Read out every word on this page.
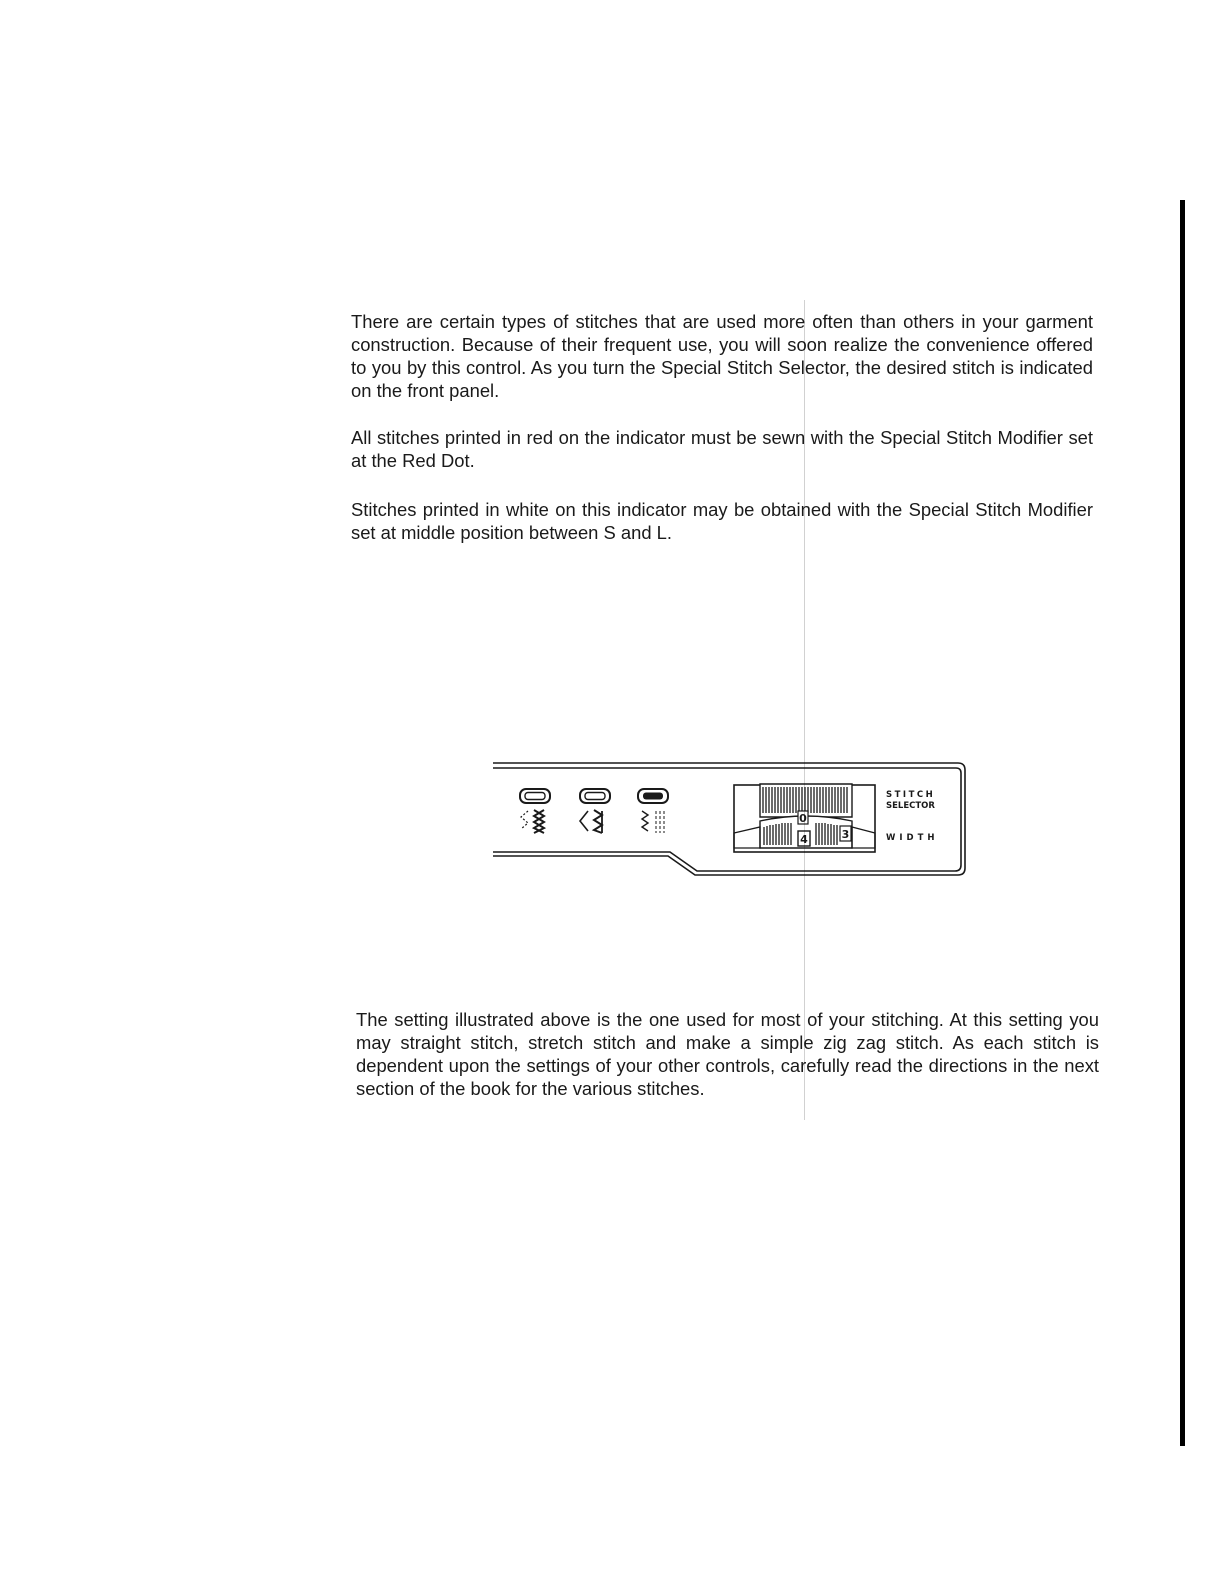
There are certain types of stitches that are used more often than others in your garment construction. Because of their frequent use, you will soon realize the convenience offered to you by this control. As you turn the Special Stitch Selector, the desired stitch is indicated on the front panel.

All stitches printed in red on the indicator must be sewn with the Special Stitch Modifier set at the Red Dot.

Stitches printed in white on this indicator may be obtained with the Special Stitch Modifier set at middle position between S and L.

0
4	3
STITCH
SELECTOR
WIDTH

The setting illustrated above is the one used for most of your stitching. At this setting you may straight stitch, stretch stitch and make a simple zig zag stitch. As each stitch is dependent upon the settings of your other controls, carefully read the directions in the next section of the book for the various stitches.
